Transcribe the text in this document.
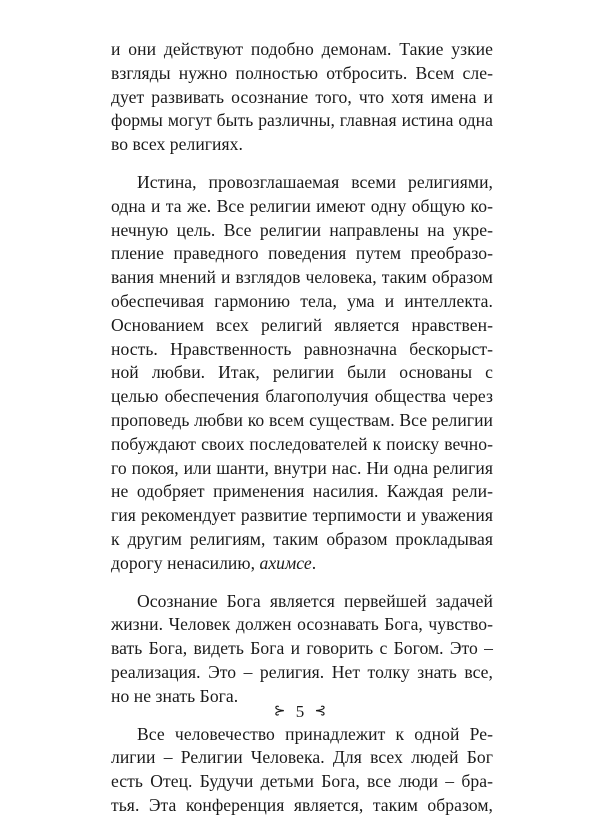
и они действуют подобно демонам. Такие узкие
взгляды нужно полностью отбросить. Всем сле-
дует развивать осознание того, что хотя имена и
формы могут быть различны, главная истина одна
во всех религиях.
Истина, провозглашаемая всеми религиями,
одна и та же. Все религии имеют одну общую ко-
нечную цель. Все религии направлены на укре-
пление праведного поведения путем преобразо-
вания мнений и взглядов человека, таким образом
обеспечивая гармонию тела, ума и интеллекта.
Основанием всех религий является нравствен-
ность. Нравственность равнозначна бескорыст-
ной любви. Итак, религии были основаны с
целью обеспечения благополучия общества через
проповедь любви ко всем существам. Все религии
побуждают своих последователей к поиску вечно-
го покоя, или шанти, внутри нас. Ни одна религия
не одобряет применения насилия. Каждая рели-
гия рекомендует развитие терпимости и уважения
к другим религиям, таким образом прокладывая
дорогу ненасилию, ахимсе.
Осознание Бога является первейшей задачей
жизни. Человек должен осознавать Бога, чувство-
вать Бога, видеть Бога и говорить с Богом. Это –
реализация. Это – религия. Нет толку знать все,
но не знать Бога.
Все человечество принадлежит к одной Ре-
лигии – Религии Человека. Для всех людей Бог
есть Отец. Будучи детьми Бога, все люди – бра-
тья. Эта конференция является, таким образом,
⊱ 5 ⊰
